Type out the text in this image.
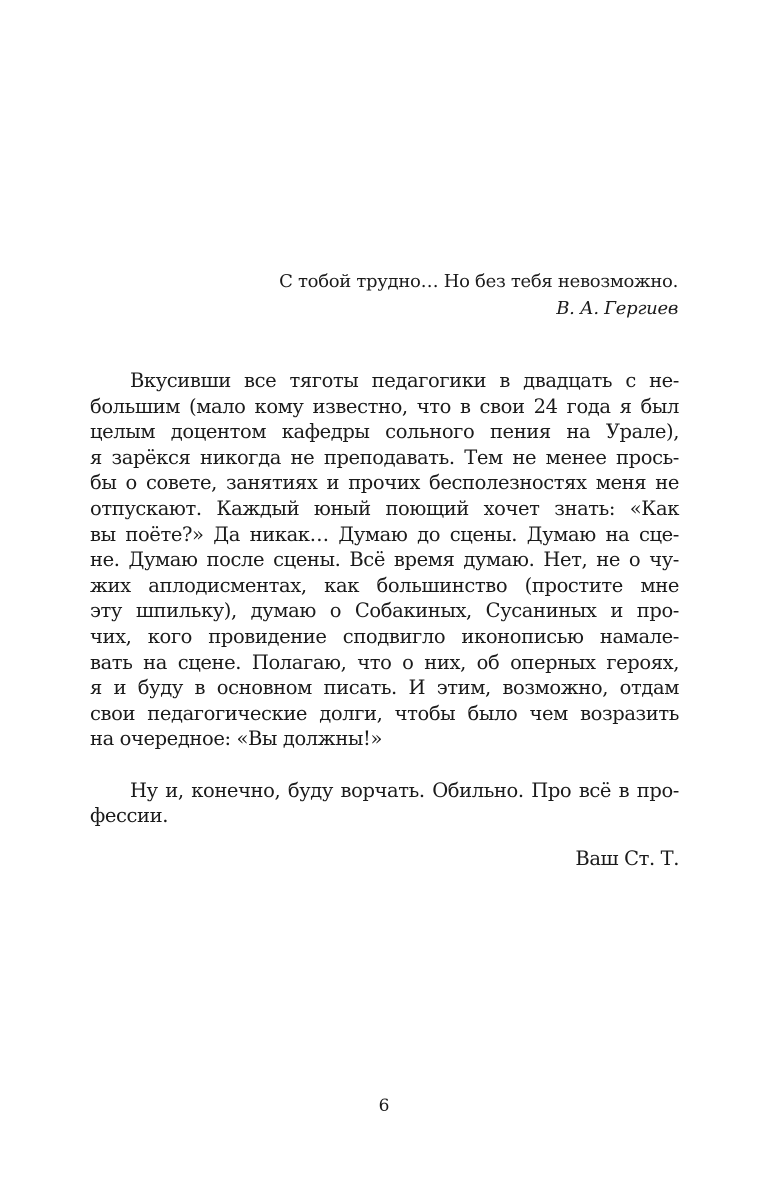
С тобой трудно… Но без тебя невозможно.
В. А. Гергиев
Вкусивши все тяготы педагогики в двадцать с не-
большим (мало кому известно, что в свои 24 года я был
целым доцентом кафедры сольного пения на Урале),
я зарёкся никогда не преподавать. Тем не менее прось-
бы о совете, занятиях и прочих бесполезностях меня не
отпускают. Каждый юный поющий хочет знать: «Как
вы поёте?» Да никак… Думаю до сцены. Думаю на сце-
не. Думаю после сцены. Всё время думаю. Нет, не о чу-
жих аплодисментах, как большинство (простите мне
эту шпильку), думаю о Собакиных, Сусаниных и про-
чих, кого провидение сподвигло иконописью намале-
вать на сцене. Полагаю, что о них, об оперных героях,
я и буду в основном писать. И этим, возможно, отдам
свои педагогические долги, чтобы было чем возразить
на очередное: «Вы должны!»
Ну и, конечно, буду ворчать. Обильно. Про всё в про-
фессии.
Ваш Ст. Т.
6
